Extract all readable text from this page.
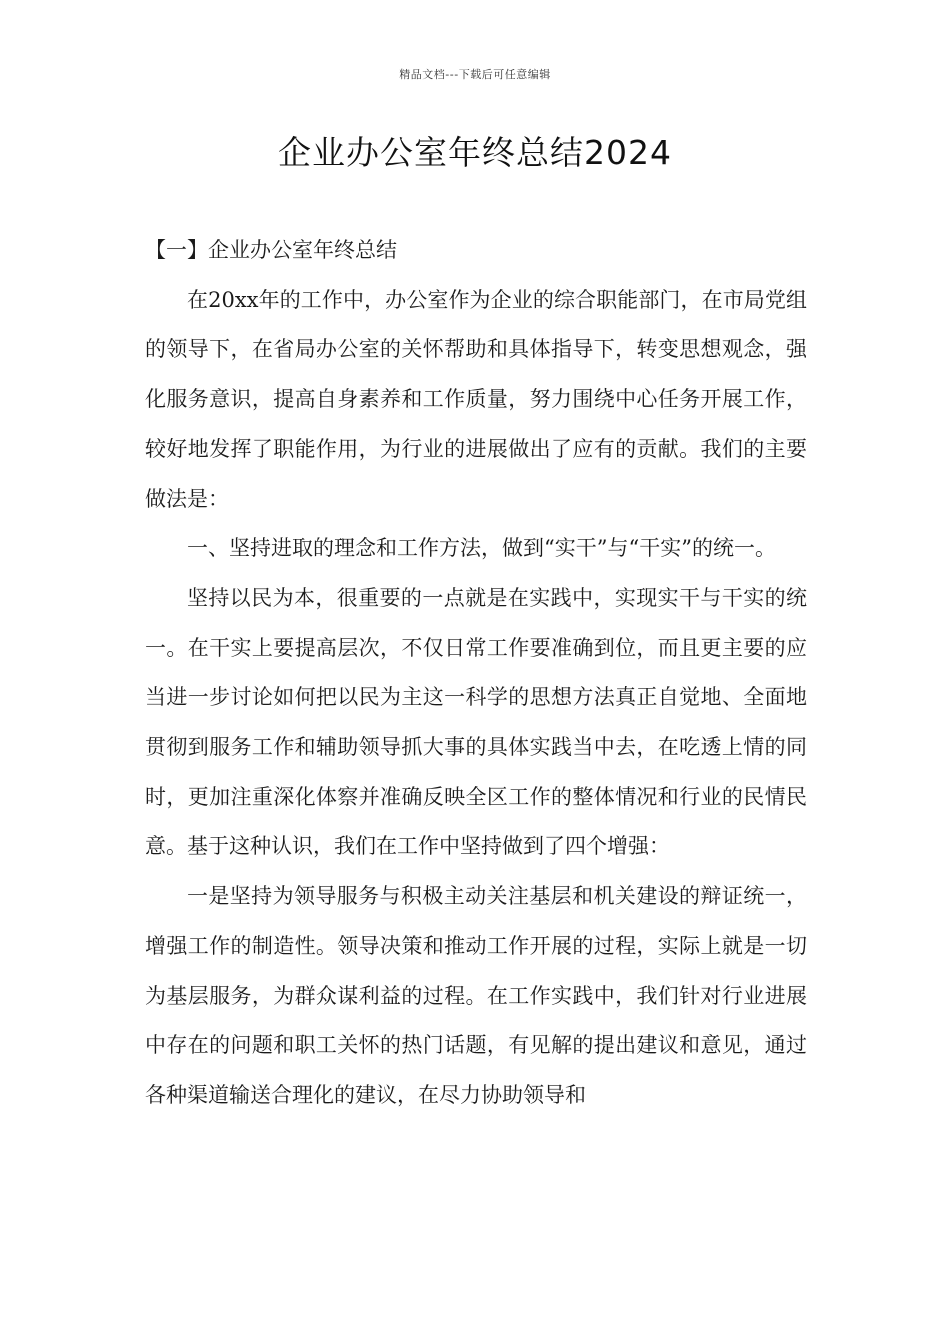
精品文档---下载后可任意编辑
企业办公室年终总结2024

【一】企业办公室年终总结

在20xx年的工作中，办公室作为企业的综合职能部门，在市局党组的领导下，在省局办公室的关怀帮助和具体指导下，转变思想观念，强化服务意识，提高自身素养和工作质量，努力围绕中心任务开展工作，较好地发挥了职能作用，为行业的进展做出了应有的贡献。我们的主要做法是：

一、坚持进取的理念和工作方法，做到“实干”与“干实”的统一。

坚持以民为本，很重要的一点就是在实践中，实现实干与干实的统一。在干实上要提高层次，不仅日常工作要准确到位，而且更主要的应当进一步讨论如何把以民为主这一科学的思想方法真正自觉地、全面地贯彻到服务工作和辅助领导抓大事的具体实践当中去，在吃透上情的同时，更加注重深化体察并准确反映全区工作的整体情况和行业的民情民意。基于这种认识，我们在工作中坚持做到了四个增强：

一是坚持为领导服务与积极主动关注基层和机关建设的辩证统一，增强工作的制造性。领导决策和推动工作开展的过程，实际上就是一切为基层服务，为群众谋利益的过程。在工作实践中，我们针对行业进展中存在的问题和职工关怀的热门话题，有见解的提出建议和意见，通过各种渠道输送合理化的建议，在尽力协助领导和
